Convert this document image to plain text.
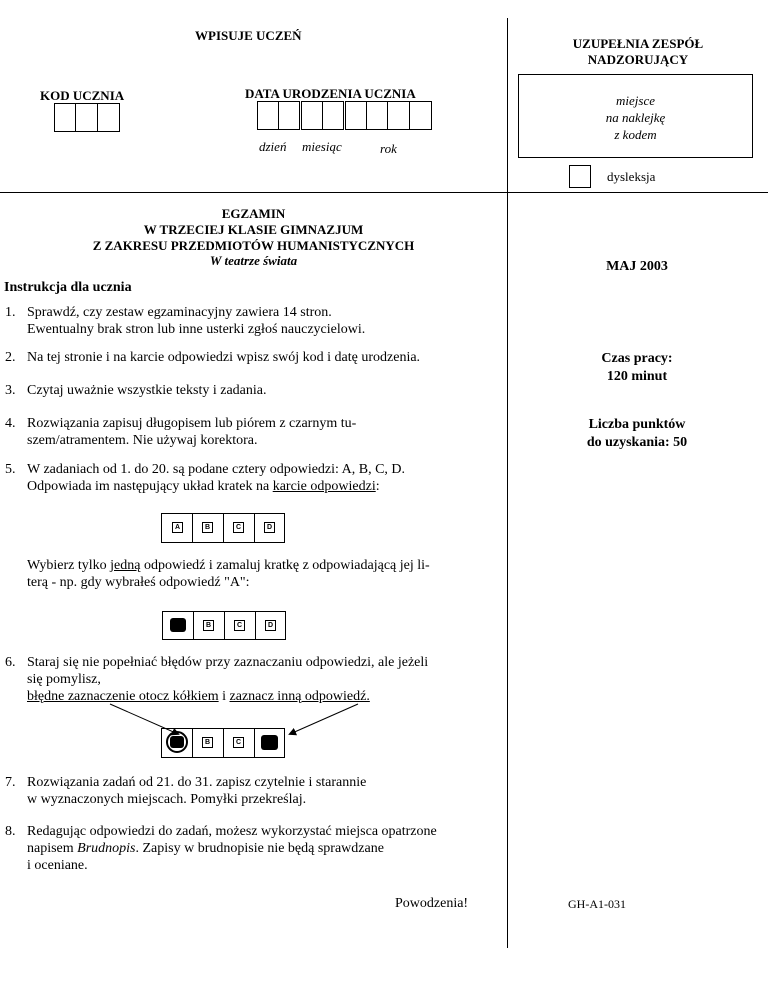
WPISUJE UCZEŃ
KOD UCZNIA	DATA URODZENIA UCZNIA
dzień miesiąc	rok
UZUPEŁNIA ZESPÓŁ
NADZORUJĄCY
miejsce
na naklejkę
z kodem
dysleksja
EGZAMIN
W TRZECIEJ KLASIE GIMNAZJUM
Z ZAKRESU PRZEDMIOTÓW HUMANISTYCZNYCH
W teatrze świata	MAJ 2003
Czas pracy:
120 minut
Liczba punktów
do uzyskania: 50
GH-A1-031
Instrukcja dla ucznia
1. Sprawdź, czy zestaw egzaminacyjny zawiera 14 stron.
Ewentualny brak stron lub inne usterki zgłoś nauczycielowi.
2. Na tej stronie i na karcie odpowiedzi wpisz swój kod i datę urodzenia.
3. Czytaj uważnie wszystkie teksty i zadania.
4. Rozwiązania zapisuj długopisem lub piórem z czarnym tu-
szem/atramentem. Nie używaj korektora.
5. W zadaniach od 1. do 20. są podane cztery odpowiedzi: A, B, C, D.
Odpowiada im następujący układ kratek na karcie odpowiedzi:
A	B	C	D
Wybierz tylko jedną odpowiedź i zamaluj kratkę z odpowiadającą jej li-
terą - np. gdy wybrałeś odpowiedź "A":
B	C	D
6. Staraj się nie popełniać błędów przy zaznaczaniu odpowiedzi, ale jeżeli
się pomylisz,
błędne zaznaczenie otocz kółkiem i zaznacz inną odpowiedź.
B	C
7. Rozwiązania zadań od 21. do 31. zapisz czytelnie i starannie
w wyznaczonych miejscach. Pomyłki przekreślaj.
8. Redagując odpowiedzi do zadań, możesz wykorzystać miejsca opatrzone
napisem Brudnopis. Zapisy w brudnopisie nie będą sprawdzane
i oceniane.
Powodzenia!
